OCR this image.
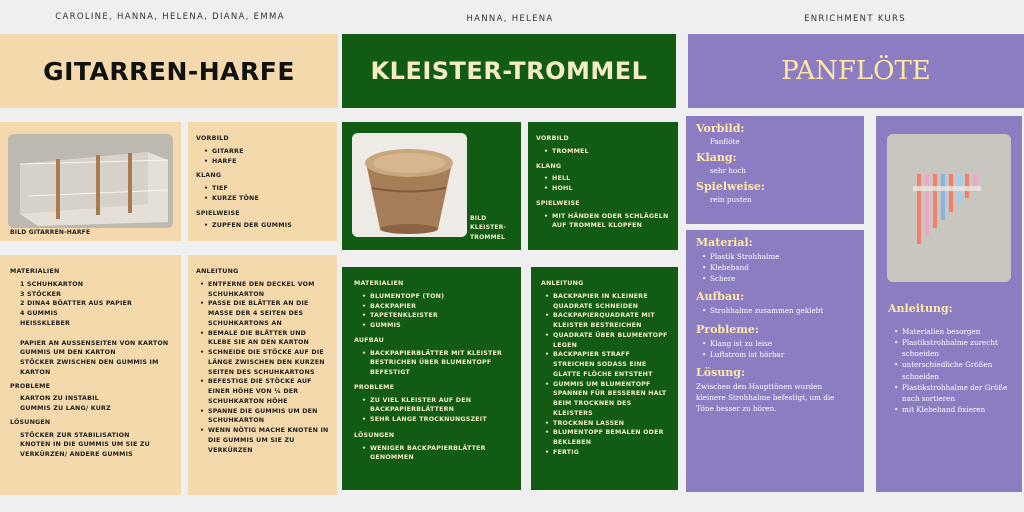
CAROLINE, HANNA, HELENA, DIANA, EMMA	HANNA, HELENA	ENRICHMENT KURS
GITARREN-HARFE	KLEISTER-TROMMEL	PANFLÖTE
BILD GITARREN-HARFE
VORBILD
• GITARRE
• HARFE
KLANG
• TIEF
• KURZE TÖNE
SPIELWEISE
• ZUPFEN DER GUMMIS
MATERIALIEN
1 SCHUHKARTON
3 STÖCKER
2 DINA4 BÖATTER AUS PAPIER
4 GUMMIS
HEISSKLEBER
PAPIER AN AUSSENSEITEN VON KARTON
GUMMIS UM DEN KARTON
STÖCKER ZWISCHEN DEN GUMMIS IM KARTON
PROBLEME
KARTON ZU INSTABIL
GUMMIS ZU LANG/ KURZ
LÖSUNGEN
STÖCKER ZUR STABILISATION
KNOTEN IN DIE GUMMIS UM SIE ZU VERKÜRZEN/ ANDERE GUMMIS
ANLEITUNG
• ENTFERNE DEN DECKEL VOM SCHUHKARTON
• PASSE DIE BLÄTTER AN DIE MASSE DER 4 SEITEN DES SCHUHKARTONS AN
• BEMALE DIE BLÄTTER UND KLEBE SIE AN DEN KARTON
• SCHNEIDE DIE STÖCKE AUF DIE LÄNGE ZWISCHEN DEN KURZEN SEITEN DES SCHUHKARTONS
• BEFESTIGE DIE STÖCKE AUF EINER HÖHE VON ¼ DER SCHUHKARTON HÖHE
• SPANNE DIE GUMMIS UM DEN SCHUHKARTON
• WENN NÖTIG MACHE KNOTEN IN DIE GUMMIS UM SIE ZU VERKÜRZEN
BILD KLEISTER-TROMMEL
VORBILD
• TROMMEL
KLANG
• HELL
• HOHL
SPIELWEISE
• MIT HÄNDEN ODER SCHLÄGELN AUF TROMMEL KLOPFEN
MATERIALIEN
• BLUMENTOPF (TON)
• BACKPAPIER
• TAPETENKLEISTER
• GUMMIS
AUFBAU
• BACKPAPIERBLÄTTER MIT KLEISTER BESTRICHEN ÜBER BLUMENTOPF BEFESTIGT
PROBLEME
• ZU VIEL KLEISTER AUF DEN BACKPAPIERBLÄTTERN
• SEHR LANGE TROCKNUNGSZEIT
LÖSUNGEN
• WENIGER BACKPAPIERBLÄTTER GENOMMEN
ANLEITUNG
• BACKPAPIER IN KLEINERE QUADRATE SCHNEIDEN
• BACKPAPIERQUADRATE MIT KLEISTER BESTREICHEN
• QUADRATE ÜBER BLUMENTOPF LEGEN
• BACKPAPIER STRAFF STREICHEN SODASS EINE GLATTE FLÖCHE ENTSTEHT
• GUMMIS UM BLUMENTOPF SPANNEN FÜR BESSEREN HALT BEIM TROCKNEN DES KLEISTERS
• TROCKNEN LASSEN
• BLUMENTOPF BEMALEN ODER BEKLEBEN
• FERTIG
Vorbild:
Panflöte
Klang:
sehr hoch
Spielweise:
rein pusten
Material:
• Plastik Strohhalme
• Klebeband
• Schere
Aufbau:
• Strohhalme zusammen geklebt
Probleme:
• Klang ist zu leise
• Luftstrom ist hörbar
Lösung:
Zwischen den Haupttönen wurden kleinere Strohhalme befestigt, um die Töne besser zu hören.
Anleitung:
• Materialien besorgen
• Plastikstrohhalme zurecht schneiden
• unterschiedliche Größen schneiden
• Plastikstrohhalme der Größe nach sortieren
• mit Klebeband fixieren
